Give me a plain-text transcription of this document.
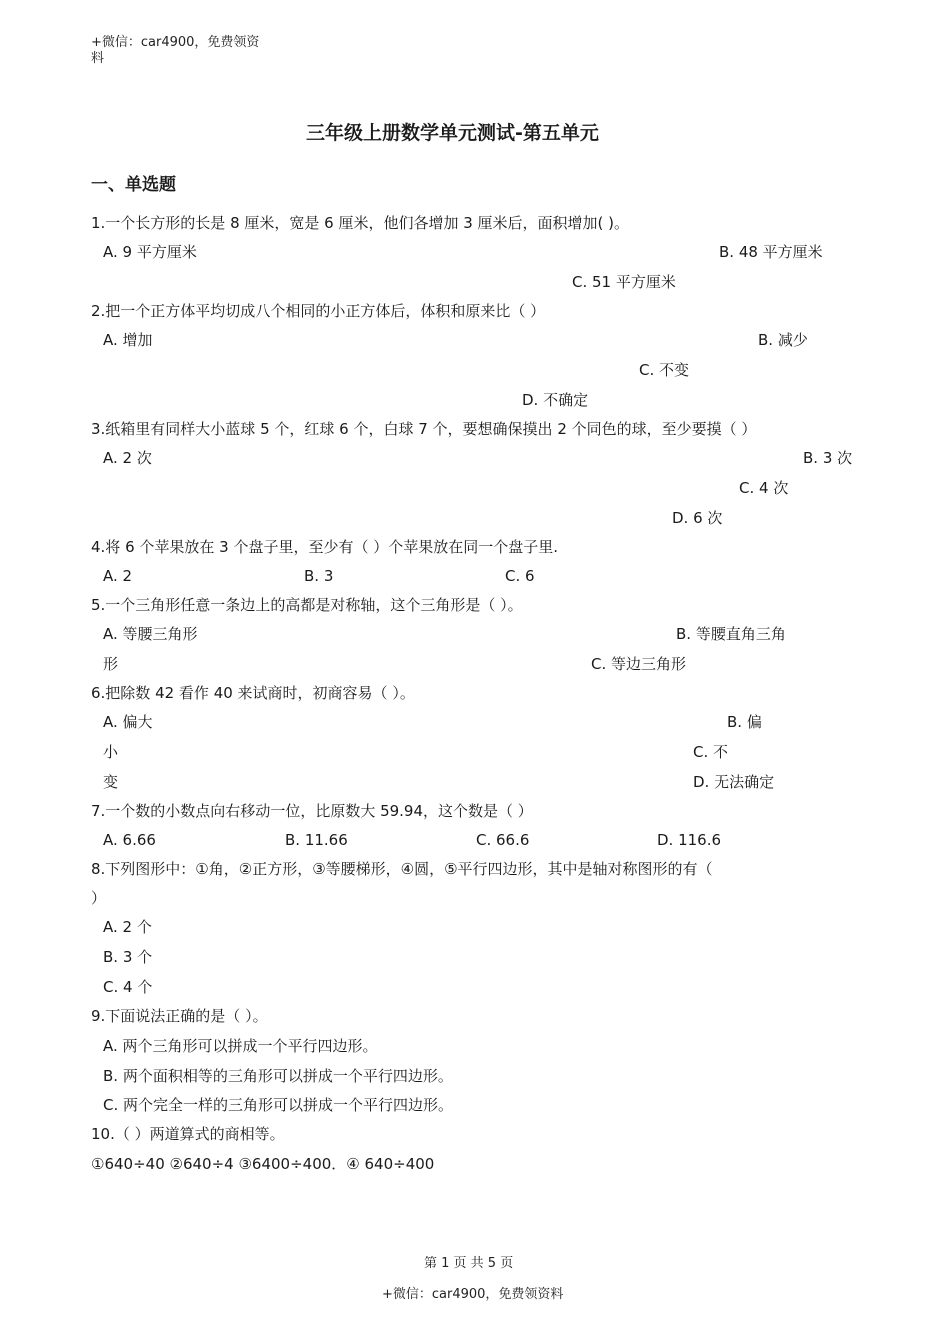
+微信：car4900，免费领资
料
三年级上册数学单元测试-第五单元
一、单选题
1.一个长方形的长是 8 厘米，宽是 6 厘米，他们各增加 3 厘米后，面积增加( )。
A. 9 平方厘米	B. 48 平方厘米
C. 51 平方厘米
2.把一个正方体平均切成八个相同的小正方体后，体积和原来比（ ）
A. 增加	B. 减少
C. 不变
D. 不确定
3.纸箱里有同样大小蓝球 5 个，红球 6 个，白球 7 个，要想确保摸出 2 个同色的球，至少要摸（ ）
A. 2 次	B. 3 次
C. 4 次
D. 6 次
4.将 6 个苹果放在 3 个盘子里，至少有（ ）个苹果放在同一个盘子里.
A. 2	B. 3	C. 6
5.一个三角形任意一条边上的高都是对称轴，这个三角形是（ ）。
A. 等腰三角形	B. 等腰直角三角
形	C. 等边三角形
6.把除数 42 看作 40 来试商时，初商容易（ ）。
A. 偏大	B. 偏
小	C. 不
变	D. 无法确定
7.一个数的小数点向右移动一位，比原数大 59.94，这个数是（ ）
A. 6.66	B. 11.66	C. 66.6	D. 116.6
8.下列图形中：①角，②正方形，③等腰梯形，④圆，⑤平行四边形，其中是轴对称图形的有（
）
A. 2 个
B. 3 个
C. 4 个
9.下面说法正确的是（ ）。
A. 两个三角形可以拼成一个平行四边形。
B. 两个面积相等的三角形可以拼成一个平行四边形。
C. 两个完全一样的三角形可以拼成一个平行四边形。
10.（ ）两道算式的商相等。
①640÷40 ②640÷4 ③6400÷400．④ 640÷400
第 1 页 共 5 页
+微信：car4900，免费领资料
